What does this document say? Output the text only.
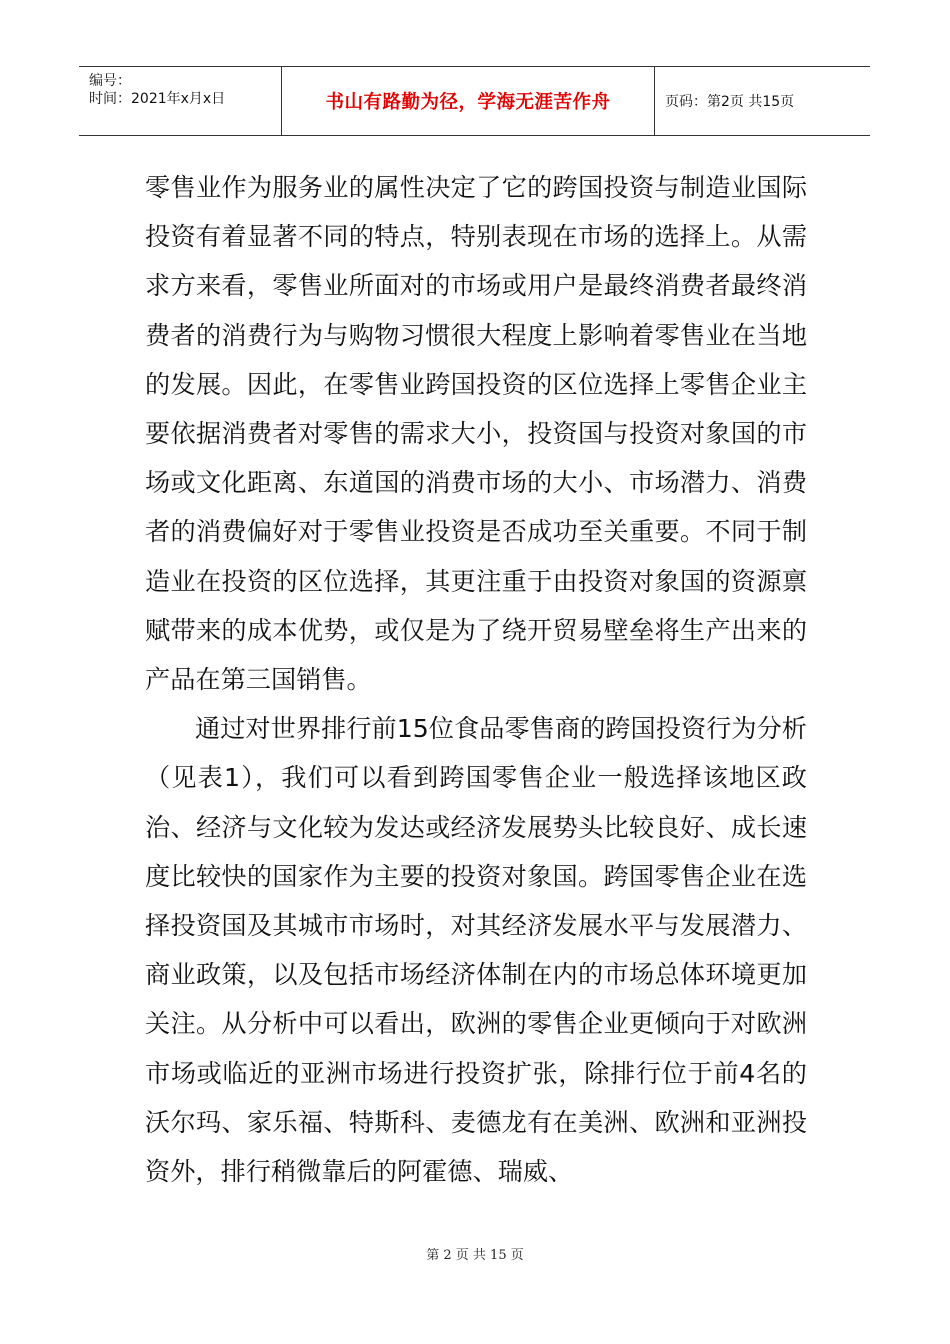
编号：
时间：2021年x月x日	书山有路勤为径，学海无涯苦作舟	页码：第2页 共15页

零售业作为服务业的属性决定了它的跨国投资与制造业国际投资有着显著不同的特点，特别表现在市场的选择上。从需求方来看，零售业所面对的市场或用户是最终消费者最终消费者的消费行为与购物习惯很大程度上影响着零售业在当地的发展。因此，在零售业跨国投资的区位选择上零售企业主要依据消费者对零售的需求大小，投资国与投资对象国的市场或文化距离、东道国的消费市场的大小、市场潜力、消费者的消费偏好对于零售业投资是否成功至关重要。不同于制造业在投资的区位选择，其更注重于由投资对象国的资源禀赋带来的成本优势，或仅是为了绕开贸易壁垒将生产出来的产品在第三国销售。

通过对世界排行前15位食品零售商的跨国投资行为分析（见表1），我们可以看到跨国零售企业一般选择该地区政治、经济与文化较为发达或经济发展势头比较良好、成长速度比较快的国家作为主要的投资对象国。跨国零售企业在选择投资国及其城市市场时，对其经济发展水平与发展潜力、商业政策，以及包括市场经济体制在内的市场总体环境更加关注。从分析中可以看出，欧洲的零售企业更倾向于对欧洲市场或临近的亚洲市场进行投资扩张，除排行位于前4名的沃尔玛、家乐福、特斯科、麦德龙有在美洲、欧洲和亚洲投资外，排行稍微靠后的阿霍德、瑞威、

第 2 页 共 15 页
